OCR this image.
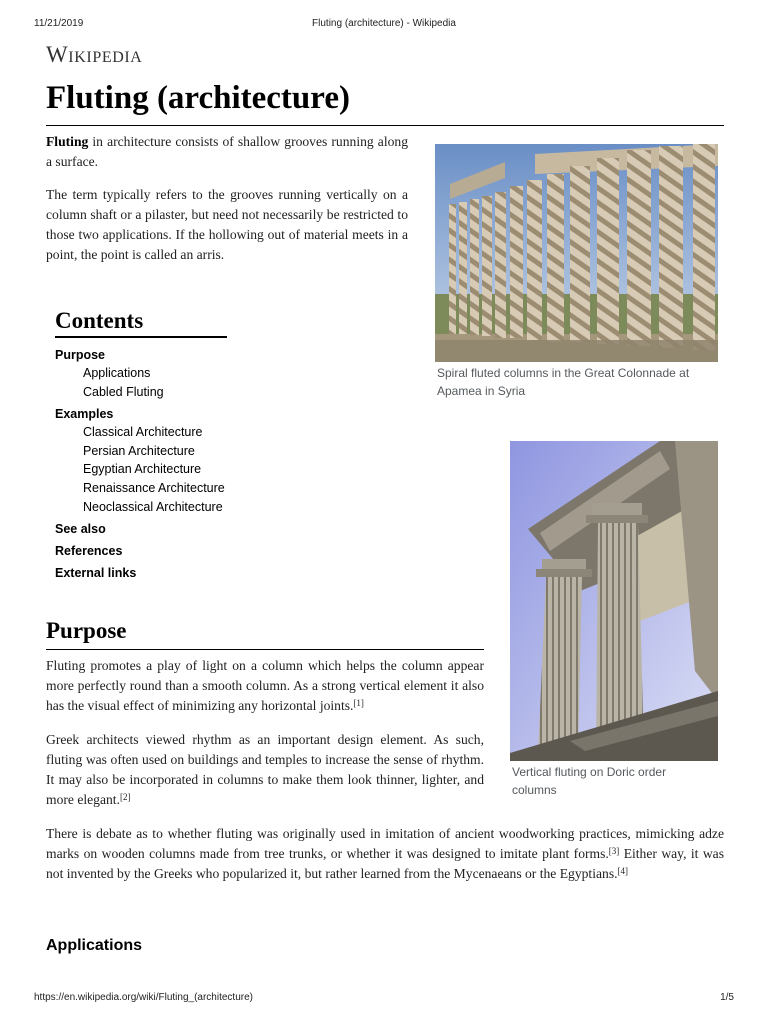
11/21/2019	Fluting (architecture) - Wikipedia
Wikipedia
Fluting (architecture)

Fluting in architecture consists of shallow grooves running along a surface.

The term typically refers to the grooves running vertically on a column shaft or a pilaster, but need not necessarily be restricted to those two applications. If the hollowing out of material meets in a point, the point is called an arris.

Spiral fluted columns in the Great Colonnade at Apamea in Syria
Vertical fluting on Doric order columns
Contents
Purpose
Applications
Cabled Fluting
Examples
Classical Architecture
Persian Architecture
Egyptian Architecture
Renaissance Architecture
Neoclassical Architecture
See also
References
External links
Purpose

Fluting promotes a play of light on a column which helps the column appear more perfectly round than a smooth column. As a strong vertical element it also has the visual effect of minimizing any horizontal joints.[1]

Greek architects viewed rhythm as an important design element. As such, fluting was often used on buildings and temples to increase the sense of rhythm. It may also be incorporated in columns to make them look thinner, lighter, and more elegant.[2]

There is debate as to whether fluting was originally used in imitation of ancient woodworking practices, mimicking adze marks on wooden columns made from tree trunks, or whether it was designed to imitate plant forms.[3] Either way, it was not invented by the Greeks who popularized it, but rather learned from the Mycenaeans or the Egyptians.[4]

Applications
https://en.wikipedia.org/wiki/Fluting_(architecture)	1/5
